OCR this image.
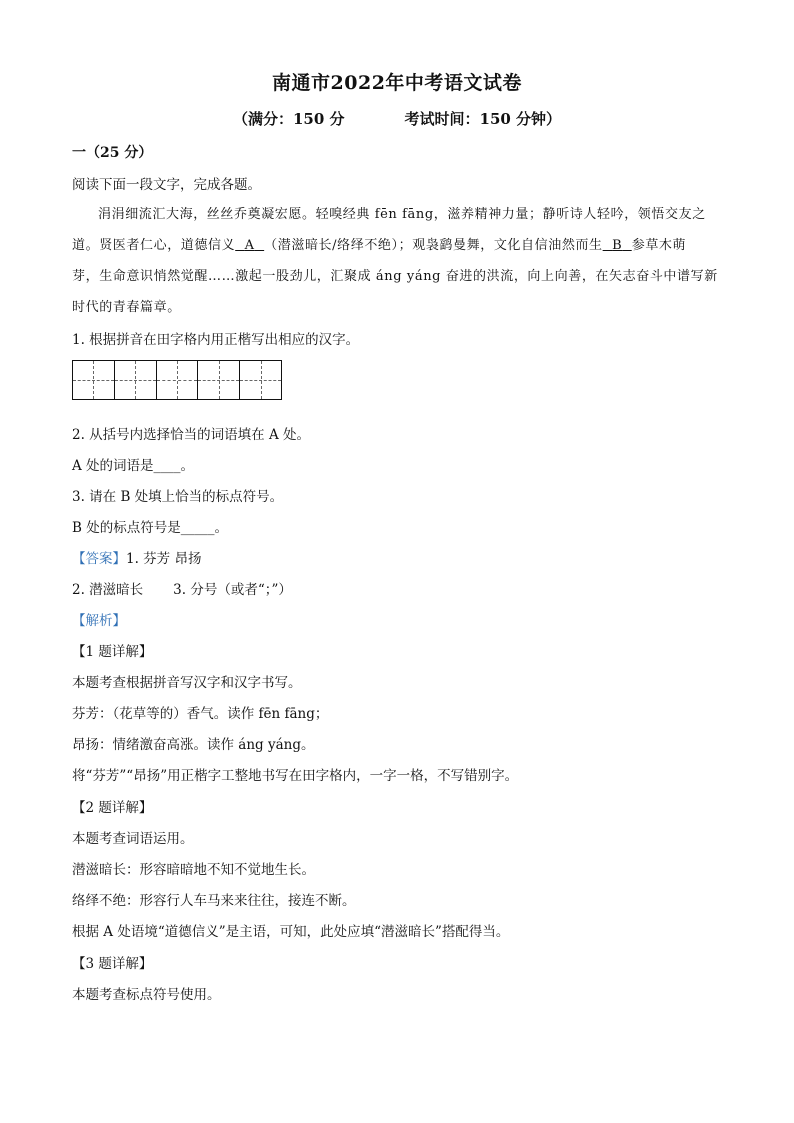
南通市2022年中考语文试卷
（满分：150 分	考试时间：150 分钟）
一（25 分）
阅读下面一段文字，完成各题。
涓涓细流汇大海，丝丝乔奠凝宏愿。轻嗅经典 fēn fāng，滋养精神力量；静听诗人轻吟，领悟交友之
道。贤医者仁心，道德信义 A （潜滋暗长/络绎不绝）；观袅鹞曼舞，文化自信油然而生 B 参草木萌
芽，生命意识悄然觉醒……激起一股劲儿，汇聚成 áng yáng 奋进的洪流，向上向善，在矢志奋斗中谱写新
时代的青春篇章。
1. 根据拼音在田字格内用正楷写出相应的汉字。
2. 从括号内选择恰当的词语填在 A 处。
A 处的词语是____。
3. 请在 B 处填上恰当的标点符号。
B 处的标点符号是_____。
【答案】1. 芬芳 昂扬
2. 潜滋暗长 3. 分号（或者“；”）
【解析】
【1 题详解】
本题考查根据拼音写汉字和汉字书写。
芬芳：（花草等的）香气。读作 fēn fāng；
昂扬：情绪激奋高涨。读作 áng yáng。
将“芬芳”“昂扬”用正楷字工整地书写在田字格内，一字一格，不写错别字。
【2 题详解】
本题考查词语运用。
潜滋暗长：形容暗暗地不知不觉地生长。
络绎不绝：形容行人车马来来往往，接连不断。
根据 A 处语境“道德信义”是主语，可知，此处应填“潜滋暗长”搭配得当。
【3 题详解】
本题考查标点符号使用。
